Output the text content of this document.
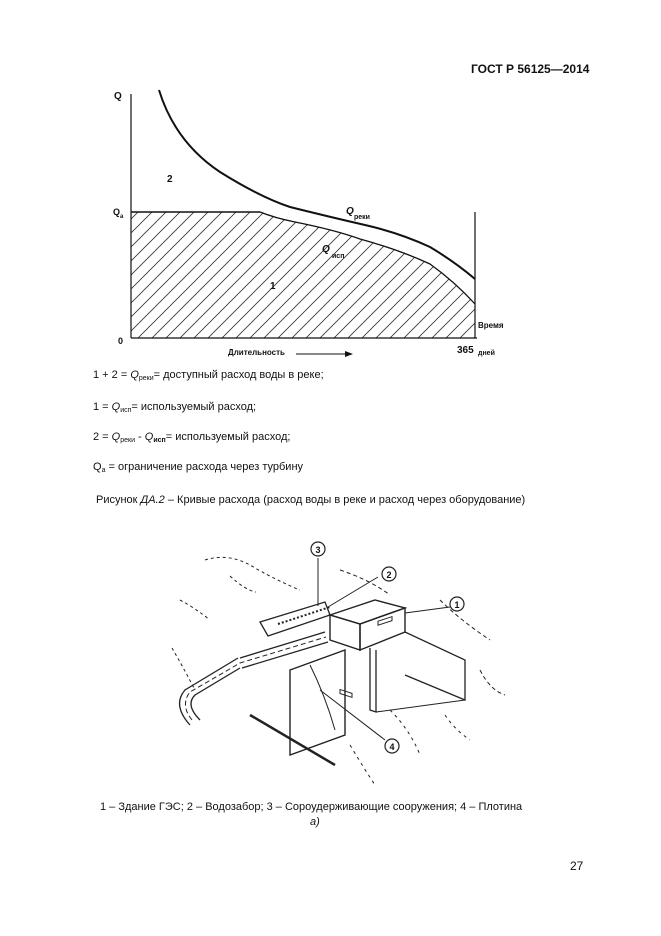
ГОСТ Р 56125—2014
Q
Q а
0
1
2
Q
реки
Q
исп
Время
Длительность	365 дней
$1 + 2 = Q_{реки}=$ доступный расход воды в реке;
$1 = Q_{исп}=$ используемый расход;
$2 = Q_{реки} - Q_{исп}=$ используемый расход;
$Q_а$ = ограничение расхода через турбину
Рисунок ДА.2 – Кривые расхода (расход воды в реке и расход через оборудование)
3
2
1
4
1 – Здание ГЭС; 2 – Водозабор; 3 – Сороудерживающие сооружения; 4 – Плотина
а)
27
